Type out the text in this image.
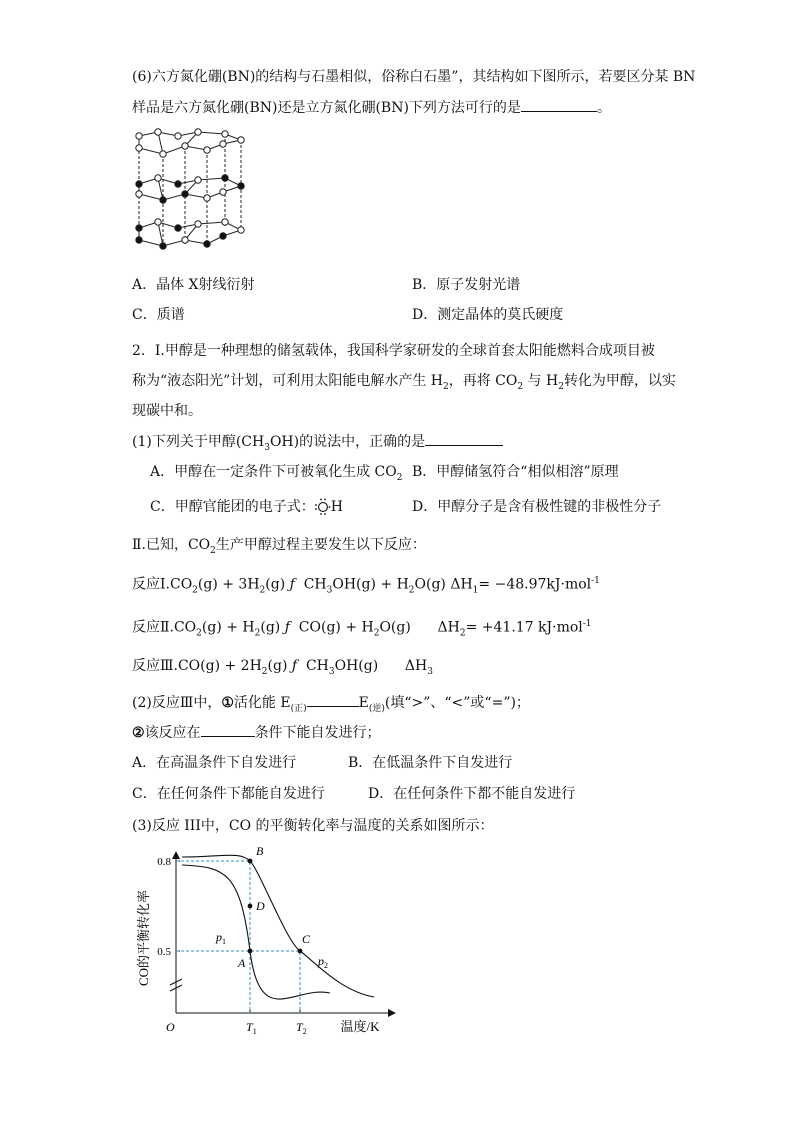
(6)六方氮化硼(BN)的结构与石墨相似，俗称白石墨”，其结构如下图所示，若要区分某 BN
样品是六方氮化硼(BN)还是立方氮化硼(BN)下列方法可行的是	。
A．晶体 X射线衍射	B．原子发射光谱
C．质谱	D．测定晶体的莫氏硬度
2．Ⅰ.甲醇是一种理想的储氢载体，我国科学家研发的全球首套太阳能燃料合成项目被
称为“液态阳光”计划，可利用太阳能电解水产生 $H_2$，再将 $CO_2$ 与 $H_2$转化为甲醇，以实
现碳中和。
(1)下列关于甲醇$(CH_3OH)$的说法中，正确的是
A．甲醇在一定条件下可被氧化生成 $CO_2$ B．甲醇储氢符合“相似相溶”原理
C．甲醇官能团的电子式： H	D．甲醇分子是含有极性键的非极性分子
Ⅱ.已知，$CO_2$生产甲醇过程主要发生以下反应：
反应$Ⅰ.CO_2(g) + 3H_2(g)$ ƒ $CH_3OH(g) + H_2O(g)$ $\Delta H_1= -48.97kJ\cdot mol^{-1}$
反应$Ⅱ.CO_2(g) + H_2(g)$ ƒ $CO(g) + H_2O(g)$ $\Delta H_2= +41.17$ kJ·mol$^{-1}$
反应Ⅲ.CO(g) + $2H_2(g)$ ƒ $CH_3OH(g)$ $\Delta H_3$
(2)反应Ⅲ中，①活化能 $E_{(正)}$	$E_{(逆)}$(填“>”、“<”或“=”)；
②该反应在	条件下能自发进行；
A．在高温条件下自发进行	B．在低温条件下自发进行
C．在任何条件下都能自发进行	D．在任何条件下都不能自发进行
(3)反应 III中，CO 的平衡转化率与温度的关系如图所示：
0.8
0.5
$T_1$	$T_2$
A
B
C
D
$p_1$
$p_2$
CO的平衡转化率
温度/K
O
